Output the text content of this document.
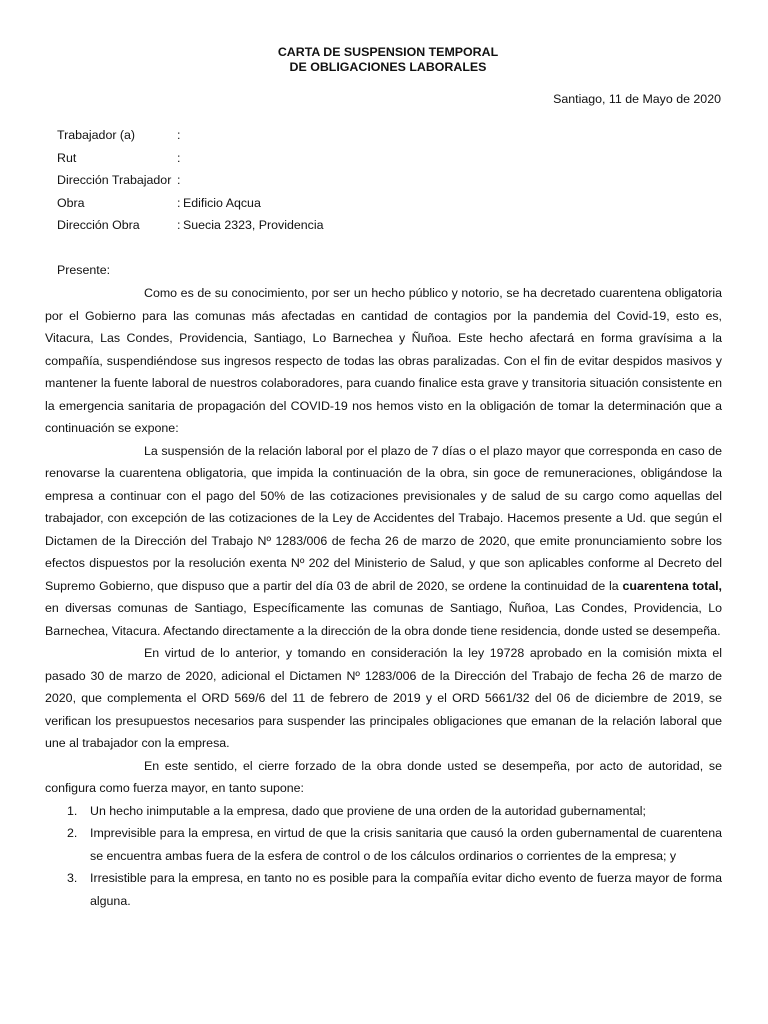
CARTA DE SUSPENSION TEMPORAL
DE OBLIGACIONES LABORALES
Santiago, 11 de Mayo de 2020
Trabajador (a)	:
Rut	:
Dirección Trabajador :
Obra	: Edificio Aqcua
Dirección Obra	: Suecia 2323, Providencia
Presente:

Como es de su conocimiento, por ser un hecho público y notorio, se ha decretado cuarentena obligatoria por el Gobierno para las comunas más afectadas en cantidad de contagios por la pandemia del Covid-19, esto es, Vitacura, Las Condes, Providencia, Santiago, Lo Barnechea y Ñuñoa. Este hecho afectará en forma gravísima a la compañía, suspendiéndose sus ingresos respecto de todas las obras paralizadas. Con el fin de evitar despidos masivos y mantener la fuente laboral de nuestros colaboradores, para cuando finalice esta grave y transitoria situación consistente en la emergencia sanitaria de propagación del COVID-19 nos hemos visto en la obligación de tomar la determinación que a continuación se expone:

La suspensión de la relación laboral por el plazo de 7 días o el plazo mayor que corresponda en caso de renovarse la cuarentena obligatoria, que impida la continuación de la obra, sin goce de remuneraciones, obligándose la empresa a continuar con el pago del 50% de las cotizaciones previsionales y de salud de su cargo como aquellas del trabajador, con excepción de las cotizaciones de la Ley de Accidentes del Trabajo. Hacemos presente a Ud. que según el Dictamen de la Dirección del Trabajo Nº 1283/006 de fecha 26 de marzo de 2020, que emite pronunciamiento sobre los efectos dispuestos por la resolución exenta Nº 202 del Ministerio de Salud, y que son aplicables conforme al Decreto del Supremo Gobierno, que dispuso que a partir del día 03 de abril de 2020, se ordene la continuidad de la cuarentena total, en diversas comunas de Santiago, Específicamente las comunas de Santiago, Ñuñoa, Las Condes, Providencia, Lo Barnechea, Vitacura. Afectando directamente a la dirección de la obra donde tiene residencia, donde usted se desempeña.

En virtud de lo anterior, y tomando en consideración la ley 19728 aprobado en la comisión mixta el pasado 30 de marzo de 2020, adicional el Dictamen Nº 1283/006 de la Dirección del Trabajo de fecha 26 de marzo de 2020, que complementa el ORD 569/6 del 11 de febrero de 2019 y el ORD 5661/32 del 06 de diciembre de 2019, se verifican los presupuestos necesarios para suspender las principales obligaciones que emanan de la relación laboral que une al trabajador con la empresa.

En este sentido, el cierre forzado de la obra donde usted se desempeña, por acto de autoridad, se configura como fuerza mayor, en tanto supone:

1. Un hecho inimputable a la empresa, dado que proviene de una orden de la autoridad gubernamental;
2. Imprevisible para la empresa, en virtud de que la crisis sanitaria que causó la orden gubernamental de cuarentena se encuentra ambas fuera de la esfera de control o de los cálculos ordinarios o corrientes de la empresa; y
3. Irresistible para la empresa, en tanto no es posible para la compañía evitar dicho evento de fuerza mayor de forma alguna.
